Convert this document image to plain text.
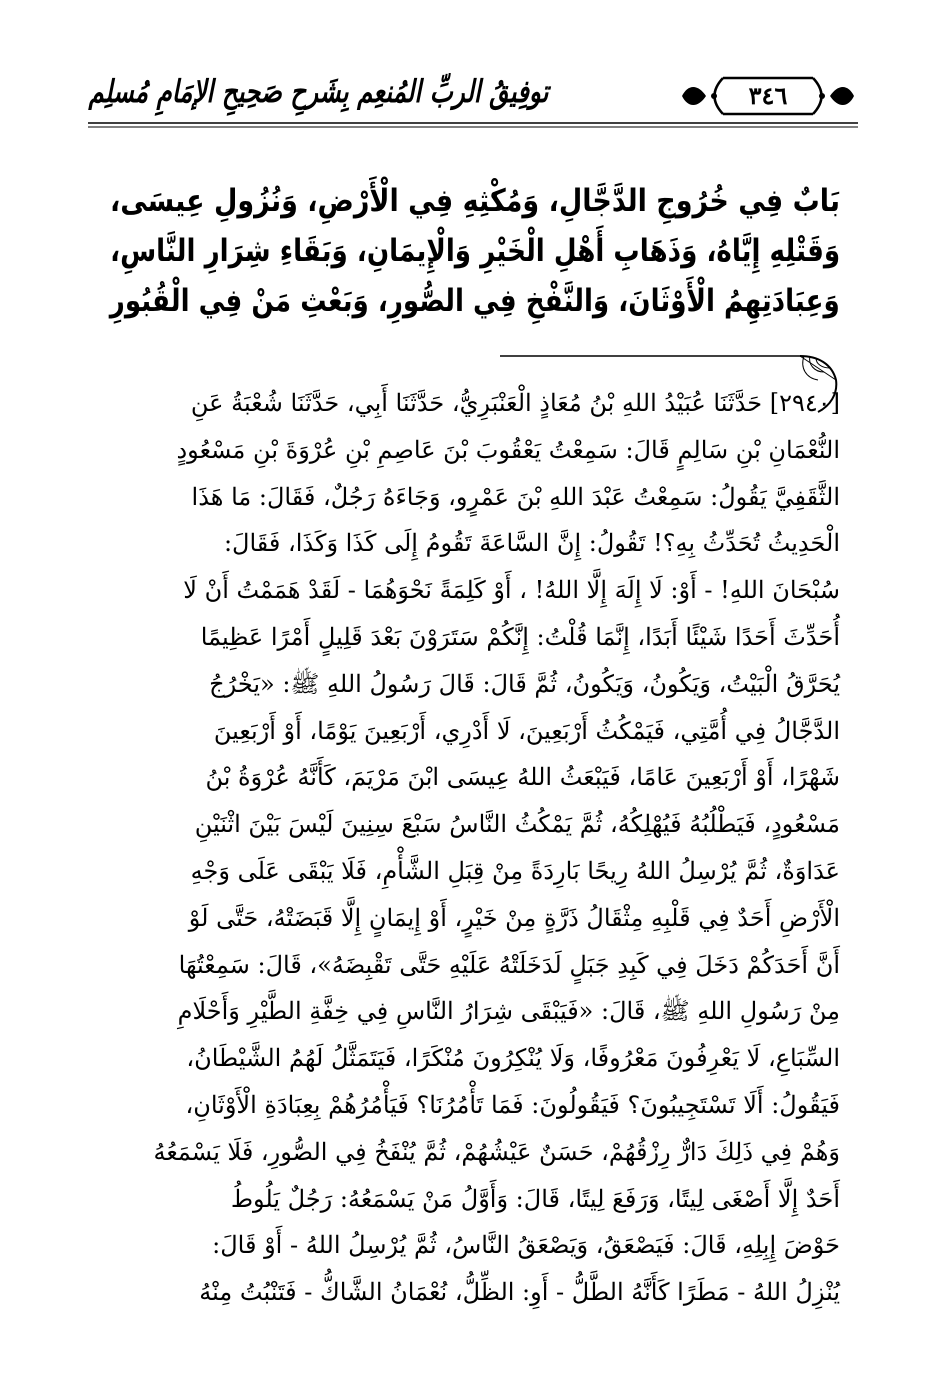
توفِيقُ الربِّ المُنعِم بِشَرحِ صَحِيحِ الإمَامِ مُسلِم	٣٤٦
بَابٌ فِي خُرُوجِ الدَّجَّالِ، وَمُكْثِهِ فِي الْأَرْضِ، وَنُزُولِ عِيسَى،
وَقَتْلِهِ إِيَّاهُ، وَذَهَابِ أَهْلِ الْخَيْرِ وَالْإِيمَانِ، وَبَقَاءِ شِرَارِ النَّاسِ،
وَعِبَادَتِهِمُ الْأَوْثَانَ، وَالنَّفْخِ فِي الصُّورِ، وَبَعْثِ مَنْ فِي الْقُبُورِ
[٢٩٤٠] حَدَّثَنَا عُبَيْدُ اللهِ بْنُ مُعَاذٍ الْعَنْبَرِيُّ، حَدَّثَنَا أَبِي، حَدَّثَنَا شُعْبَةُ عَنِ
النُّعْمَانِ بْنِ سَالِمٍ قَالَ: سَمِعْتُ يَعْقُوبَ بْنَ عَاصِمِ بْنِ عُرْوَةَ بْنِ مَسْعُودٍ
الثَّقَفِيَّ يَقُولُ: سَمِعْتُ عَبْدَ اللهِ بْنَ عَمْرٍو، وَجَاءَهُ رَجُلٌ، فَقَالَ: مَا هَذَا
الْحَدِيثُ تُحَدِّثُ بِهِ؟! تَقُولُ: إِنَّ السَّاعَةَ تَقُومُ إِلَى كَذَا وَكَذَا، فَقَالَ:
سُبْحَانَ اللهِ! - أَوْ: لَا إِلَهَ إِلَّا اللهُ! ، أَوْ كَلِمَةً نَحْوَهُمَا - لَقَدْ هَمَمْتُ أَنْ لَا
أُحَدِّثَ أَحَدًا شَيْئًا أَبَدًا، إِنَّمَا قُلْتُ: إِنَّكُمْ سَتَرَوْنَ بَعْدَ قَلِيلٍ أَمْرًا عَظِيمًا
يُحَرَّقُ الْبَيْتُ، وَيَكُونُ، وَيَكُونُ، ثُمَّ قَالَ: قَالَ رَسُولُ اللهِ ﷺ: «يَخْرُجُ
الدَّجَّالُ فِي أُمَّتِي، فَيَمْكُثُ أَرْبَعِينَ، لَا أَدْرِي، أَرْبَعِينَ يَوْمًا، أَوْ أَرْبَعِينَ
شَهْرًا، أَوْ أَرْبَعِينَ عَامًا، فَيَبْعَثُ اللهُ عِيسَى ابْنَ مَرْيَمَ، كَأَنَّهُ عُرْوَةُ بْنُ
مَسْعُودٍ، فَيَطْلُبُهُ فَيُهْلِكُهُ، ثُمَّ يَمْكُثُ النَّاسُ سَبْعَ سِنِينَ لَيْسَ بَيْنَ اثْنَيْنِ
عَدَاوَةٌ، ثُمَّ يُرْسِلُ اللهُ رِيحًا بَارِدَةً مِنْ قِبَلِ الشَّأْمِ، فَلَا يَبْقَى عَلَى وَجْهِ
الْأَرْضِ أَحَدٌ فِي قَلْبِهِ مِثْقَالُ ذَرَّةٍ مِنْ خَيْرٍ، أَوْ إِيمَانٍ إِلَّا قَبَضَتْهُ، حَتَّى لَوْ
أَنَّ أَحَدَكُمْ دَخَلَ فِي كَبِدِ جَبَلٍ لَدَخَلَتْهُ عَلَيْهِ حَتَّى تَقْبِضَهُ»، قَالَ: سَمِعْتُهَا
مِنْ رَسُولِ اللهِ ﷺ، قَالَ: «فَيَبْقَى شِرَارُ النَّاسِ فِي خِفَّةِ الطَّيْرِ وَأَحْلَامِ
السِّبَاعِ، لَا يَعْرِفُونَ مَعْرُوفًا، وَلَا يُنْكِرُونَ مُنْكَرًا، فَيَتَمَثَّلُ لَهُمُ الشَّيْطَانُ،
فَيَقُولُ: أَلَا تَسْتَجِيبُونَ؟ فَيَقُولُونَ: فَمَا تَأْمُرُنَا؟ فَيَأْمُرُهُمْ بِعِبَادَةِ الْأَوْثَانِ،
وَهُمْ فِي ذَلِكَ دَارٌّ رِزْقُهُمْ، حَسَنٌ عَيْشُهُمْ، ثُمَّ يُنْفَخُ فِي الصُّورِ، فَلَا يَسْمَعُهُ
أَحَدٌ إِلَّا أَصْغَى لِيتًا، وَرَفَعَ لِيتًا، قَالَ: وَأَوَّلُ مَنْ يَسْمَعُهُ: رَجُلٌ يَلُوطُ
حَوْضَ إِبِلِهِ، قَالَ: فَيَصْعَقُ، وَيَصْعَقُ النَّاسُ، ثُمَّ يُرْسِلُ اللهُ - أَوْ قَالَ:
يُنْزِلُ اللهُ - مَطَرًا كَأَنَّهُ الطَّلُّ - أَوِ: الظِّلُّ، نُعْمَانُ الشَّاكُّ - فَتَنْبُتُ مِنْهُ
